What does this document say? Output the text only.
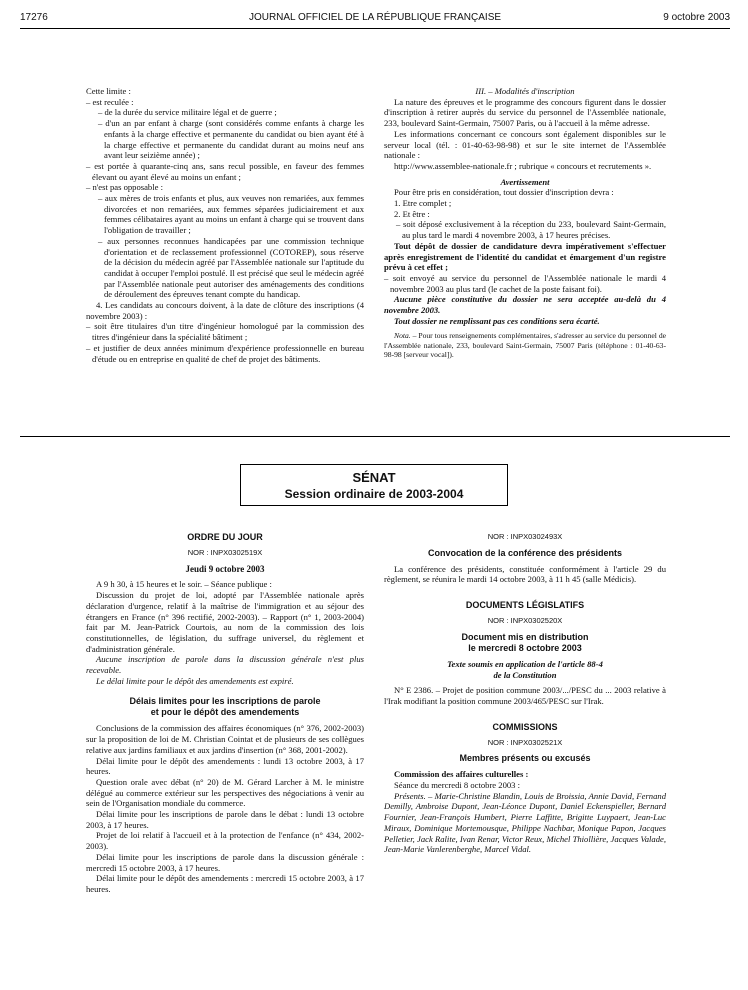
17276	JOURNAL OFFICIEL DE LA RÉPUBLIQUE FRANÇAISE	9 octobre 2003

Cette limite :

– est reculée :

– de la durée du service militaire légal et de guerre ;

– d'un an par enfant à charge (sont considérés comme enfants à charge les enfants à la charge effective et permanente du candidat ou bien ayant été à la charge effective et permanente du candidat durant au moins neuf ans avant leur seizième année) ;

– est portée à quarante-cinq ans, sans recul possible, en faveur des femmes élevant ou ayant élevé au moins un enfant ;

– n'est pas opposable :

– aux mères de trois enfants et plus, aux veuves non remariées, aux femmes divorcées et non remariées, aux femmes séparées judiciairement et aux femmes célibataires ayant au moins un enfant à charge qui se trouvent dans l'obligation de travailler ;

– aux personnes reconnues handicapées par une commission technique d'orientation et de reclassement professionnel (COTOREP), sous réserve de la décision du médecin agréé par l'Assemblée nationale sur l'aptitude du candidat à occuper l'emploi postulé. Il est précisé que seul le médecin agréé par l'Assemblée nationale peut autoriser des aménagements des conditions de déroulement des épreuves tenant compte du handicap.

4. Les candidats au concours doivent, à la date de clôture des inscriptions (4 novembre 2003) :

– soit être titulaires d'un titre d'ingénieur homologué par la commission des titres d'ingénieur dans la spécialité bâtiment ;

– et justifier de deux années minimum d'expérience professionnelle en bureau d'étude ou en entreprise en qualité de chef de projet des bâtiments.

III. – Modalités d'inscription

La nature des épreuves et le programme des concours figurent dans le dossier d'inscription à retirer auprès du service du personnel de l'Assemblée nationale, 233, boulevard Saint-Germain, 75007 Paris, ou à l'accueil à la même adresse.

Les informations concernant ce concours sont également disponibles sur le serveur local (tél. : 01-40-63-98-98) et sur le site internet de l'Assemblée nationale :

http://www.assemblee-nationale.fr ; rubrique « concours et recrutements ».

Avertissement

Pour être pris en considération, tout dossier d'inscription devra :

1. Etre complet ;

2. Et être :

– soit déposé exclusivement à la réception du 233, boulevard Saint-Germain, au plus tard le mardi 4 novembre 2003, à 17 heures précises.

Tout dépôt de dossier de candidature devra impérativement s'effectuer après enregistrement de l'identité du candidat et émargement d'un registre prévu à cet effet ;

– soit envoyé au service du personnel de l'Assemblée nationale le mardi 4 novembre 2003 au plus tard (le cachet de la poste faisant foi).

Aucune pièce constitutive du dossier ne sera acceptée au-delà du 4 novembre 2003.

Tout dossier ne remplissant pas ces conditions sera écarté.

Nota. – Pour tous renseignements complémentaires, s'adresser au service du personnel de l'Assemblée nationale, 233, boulevard Saint-Germain, 75007 Paris (téléphone : 01-40-63-98-98 [serveur vocal]).

SÉNAT
Session ordinaire de 2003-2004

ORDRE DU JOUR

NOR : INPX0302519X

Jeudi 9 octobre 2003

A 9 h 30, à 15 heures et le soir. – Séance publique :

Discussion du projet de loi, adopté par l'Assemblée nationale après déclaration d'urgence, relatif à la maîtrise de l'immigration et au séjour des étrangers en France (n° 396 rectifié, 2002-2003). – Rapport (n° 1, 2003-2004) fait par M. Jean-Patrick Courtois, au nom de la commission des lois constitutionnelles, de législation, du suffrage universel, du règlement et d'administration générale.

Aucune inscription de parole dans la discussion générale n'est plus recevable.

Le délai limite pour le dépôt des amendements est expiré.

Délais limites pour les inscriptions de parole

et pour le dépôt des amendements

Conclusions de la commission des affaires économiques (n° 376, 2002-2003) sur la proposition de loi de M. Christian Cointat et de plusieurs de ses collègues relative aux jardins familiaux et aux jardins d'insertion (n° 368, 2001-2002).

Délai limite pour le dépôt des amendements : lundi 13 octobre 2003, à 17 heures.

Question orale avec débat (n° 20) de M. Gérard Larcher à M. le ministre délégué au commerce extérieur sur les perspectives des négociations à venir au sein de l'Organisation mondiale du commerce.

Délai limite pour les inscriptions de parole dans le débat : lundi 13 octobre 2003, à 17 heures.

Projet de loi relatif à l'accueil et à la protection de l'enfance (n° 434, 2002-2003).

Délai limite pour les inscriptions de parole dans la discussion générale : mercredi 15 octobre 2003, à 17 heures.

Délai limite pour le dépôt des amendements : mercredi 15 octobre 2003, à 17 heures.

NOR : INPX0302493X

Convocation de la conférence des présidents

La conférence des présidents, constituée conformément à l'article 29 du règlement, se réunira le mardi 14 octobre 2003, à 11 h 45 (salle Médicis).

DOCUMENTS LÉGISLATIFS

NOR : INPX0302520X

Document mis en distribution

le mercredi 8 octobre 2003

Texte soumis en application de l'article 88-4

de la Constitution

N° E 2386. – Projet de position commune 2003/.../PESC du ... 2003 relative à l'Irak modifiant la position commune 2003/465/PESC sur l'Irak.

COMMISSIONS

NOR : INPX0302521X

Membres présents ou excusés

Commission des affaires culturelles :

Séance du mercredi 8 octobre 2003 :

Présents. – Marie-Christine Blandin, Louis de Broissia, Annie David, Fernand Demilly, Ambroise Dupont, Jean-Léonce Dupont, Daniel Eckenspieller, Bernard Fournier, Jean-François Humbert, Pierre Laffitte, Brigitte Luypaert, Jean-Luc Miraux, Dominique Mortemousque, Philippe Nachbar, Monique Papon, Jacques Pelletier, Jack Ralite, Ivan Renar, Victor Reux, Michel Thiollière, Jacques Valade, Jean-Marie Vanlerenberghe, Marcel Vidal.
